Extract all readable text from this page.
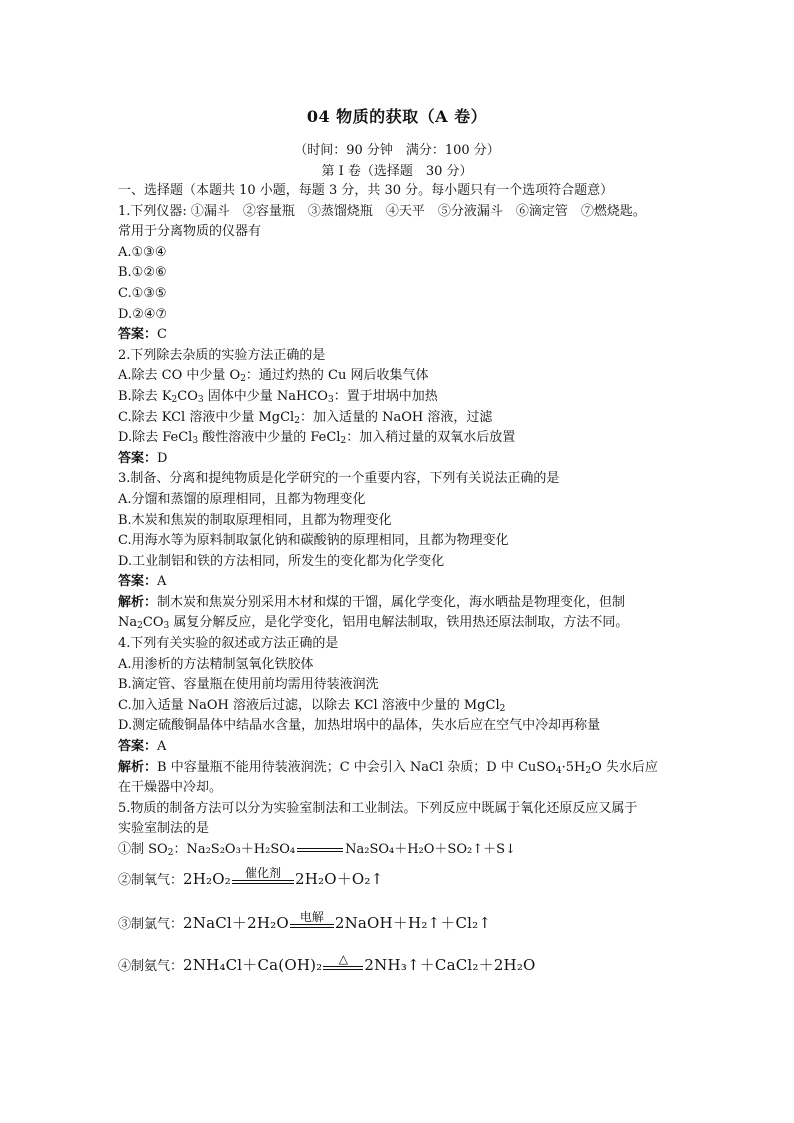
04 物质的获取（A 卷）
（时间：90 分钟　满分：100 分）
第 I 卷（选择题　30 分）
一、选择题（本题共 10 小题，每题 3 分，共 30 分。每小题只有一个选项符合题意）
1.下列仪器: ①漏斗　②容量瓶　③蒸馏烧瓶　④天平　⑤分液漏斗　⑥滴定管　⑦燃烧匙。
常用于分离物质的仪器有
A.①③④
B.①②⑥
C.①③⑤
D.②④⑦
答案：C
2.下列除去杂质的实验方法正确的是
A.除去 CO 中少量 $O_2$：通过灼热的 Cu 网后收集气体
B.除去 $K_2CO_3$ 固体中少量 NaHCO$_3$：置于坩埚中加热
C.除去 KCl 溶液中少量 MgCl$_2$：加入适量的 NaOH 溶液，过滤
D.除去 FeCl$_3$ 酸性溶液中少量的 FeCl$_2$：加入稍过量的双氧水后放置
答案：D
3.制备、分离和提纯物质是化学研究的一个重要内容，下列有关说法正确的是
A.分馏和蒸馏的原理相同，且都为物理变化
B.木炭和焦炭的制取原理相同，且都为物理变化
C.用海水等为原料制取氯化钠和碳酸钠的原理相同，且都为物理变化
D.工业制铝和铁的方法相同，所发生的变化都为化学变化
答案：A
解析：制木炭和焦炭分别采用木材和煤的干馏，属化学变化，海水晒盐是物理变化，但制
$Na_2CO_3$ 属复分解反应，是化学变化，铝用电解法制取，铁用热还原法制取，方法不同。
4.下列有关实验的叙述或方法正确的是
A.用渗析的方法精制氢氧化铁胶体
B.滴定管、容量瓶在使用前均需用待装液润洗
C.加入适量 NaOH 溶液后过滤，以除去 KCl 溶液中少量的 MgCl$_2$
D.测定硫酸铜晶体中结晶水含量，加热坩埚中的晶体，失水后应在空气中冷却再称量
答案：A
解析：B 中容量瓶不能用待装液润洗；C 中会引入 NaCl 杂质；D 中 $CuSO_4\cdot 5H_2O$ 失水后应
在干燥器中冷却。
5.物质的制备方法可以分为实验室制法和工业制法。下列反应中既属于氧化还原反应又属于
实验室制法的是
①制 $SO_2$：Na₂S₂O₃＋H₂SO₄	Na₂SO₄＋H₂O＋SO₂↑＋S↓
②制氧气：2H₂O₂	催化剂 2H₂O＋O₂↑
③制氯气：2NaCl＋2H₂O 电解 2NaOH＋H₂↑＋Cl₂↑
④制氨气：2NH₄Cl＋Ca(OH)₂	△	2NH₃↑＋CaCl₂＋2H₂O
